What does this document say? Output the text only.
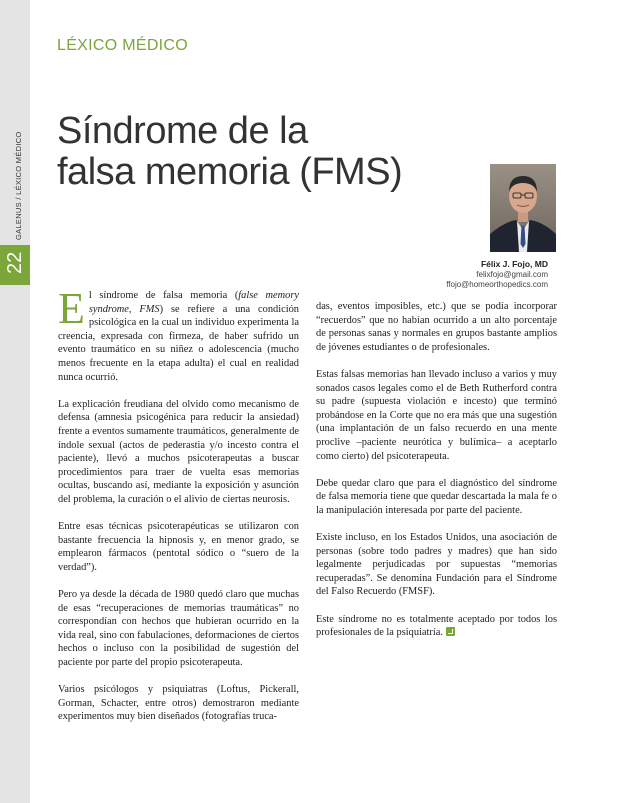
GALENUS / LÉXICO MÉDICO
22
LÉXICO MÉDICO
Síndrome de la
falsa memoria (FMS)
Félix J. Fojo, MD
felixfojo@gmail.com
ffojo@homeorthopedics.com

El síndrome de falsa memoria (false memory syndrome, FMS) se refiere a una condición psicológica en la cual un individuo experimenta la creencia, expresada con firmeza, de haber sufrido un evento traumático en su niñez o adolescencia (mucho menos frecuente en la etapa adulta) el cual en realidad nunca ocurrió.

La explicación freudiana del olvido como mecanismo de defensa (amnesia psicogénica para reducir la ansiedad) frente a eventos sumamente traumáticos, generalmente de índole sexual (actos de pederastia y/o incesto contra el paciente), llevó a muchos psicoterapeutas a buscar procedimientos para traer de vuelta esas memorias ocultas, buscando así, mediante la exposición y asunción del problema, la curación o el alivio de ciertas neurosis.

Entre esas técnicas psicoterapéuticas se utilizaron con bastante frecuencia la hipnosis y, en menor grado, se emplearon fármacos (pentotal sódico o “suero de la verdad”).

Pero ya desde la década de 1980 quedó claro que muchas de esas “recuperaciones de memorias traumáticas” no correspondían con hechos que hubieran ocurrido en la vida real, sino con fabulaciones, deformaciones de ciertos hechos o incluso con la posibilidad de sugestión del paciente por parte del propio psicoterapeuta.

Varios psicólogos y psiquiatras (Loftus, Pickerall, Gorman, Schacter, entre otros) demostraron mediante experimentos muy bien diseñados (fotografías truca-

das, eventos imposibles, etc.) que se podía incorporar “recuerdos” que no habían ocurrido a un alto porcentaje de personas sanas y normales en grupos bastante amplios de jóvenes estudiantes o de profesionales.

Estas falsas memorias han llevado incluso a varios y muy sonados casos legales como el de Beth Rutherford contra su padre (supuesta violación e incesto) que terminó probándose en la Corte que no era más que una sugestión (una implantación de un falso recuerdo en una mente proclive –paciente neurótica y bulímica– a aceptarlo como cierto) del psicoterapeuta.

Debe quedar claro que para el diagnóstico del síndrome de falsa memoria tiene que quedar descartada la mala fe o la manipulación interesada por parte del paciente.

Existe incluso, en los Estados Unidos, una asociación de personas (sobre todo padres y madres) que han sido legalmente perjudicadas por supuestas “memorias recuperadas”. Se denomina Fundación para el Síndrome del Falso Recuerdo (FMSF).

Este síndrome no es totalmente aceptado por todos los profesionales de la psiquiatría.
